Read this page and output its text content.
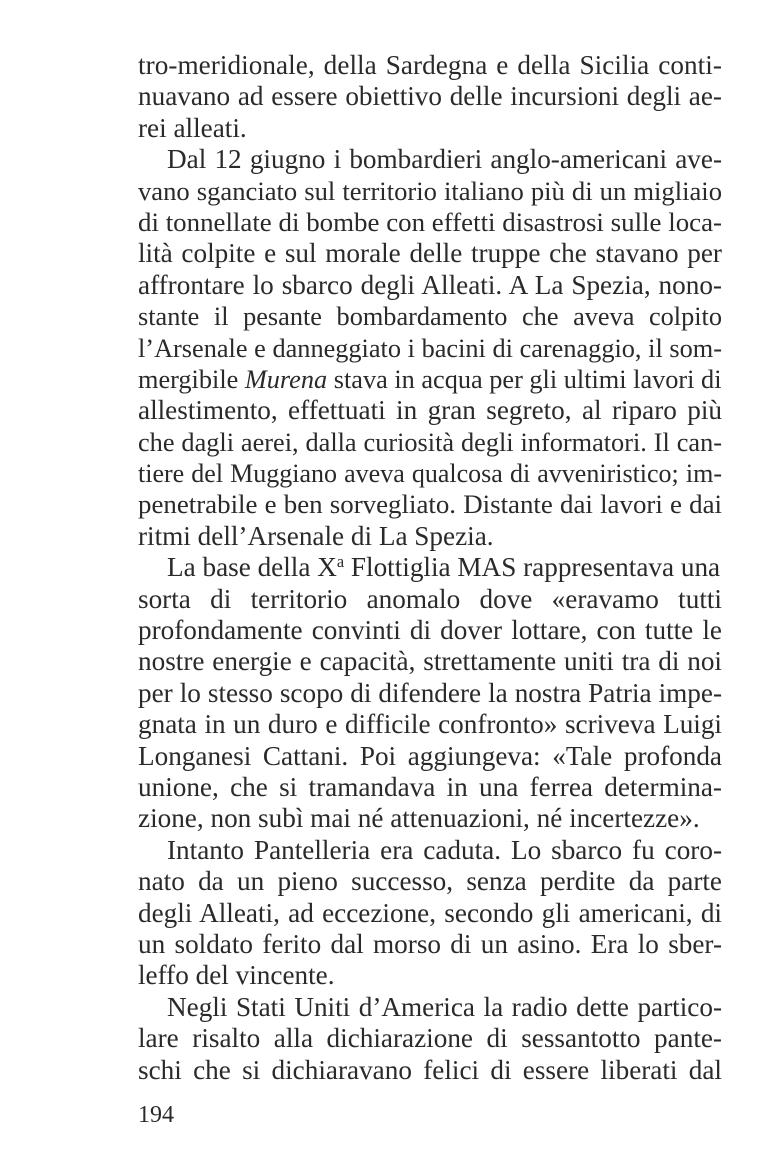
tro-meridionale, della Sardegna e della Sicilia conti-
nuavano ad essere obiettivo delle incursioni degli ae-
rei alleati.
Dal 12 giugno i bombardieri anglo-americani ave-
vano sganciato sul territorio italiano più di un migliaio
di tonnellate di bombe con effetti disastrosi sulle loca-
lità colpite e sul morale delle truppe che stavano per
affrontare lo sbarco degli Alleati. A La Spezia, nono-
stante il pesante bombardamento che aveva colpito
l’Arsenale e danneggiato i bacini di carenaggio, il som-
mergibile Murena stava in acqua per gli ultimi lavori di
allestimento, effettuati in gran segreto, al riparo più
che dagli aerei, dalla curiosità degli informatori. Il can-
tiere del Muggiano aveva qualcosa di avveniristico; im-
penetrabile e ben sorvegliato. Distante dai lavori e dai
ritmi dell’Arsenale di La Spezia.
La base della $X^a$ Flottiglia MAS rappresentava una
sorta di territorio anomalo dove «eravamo tutti
profondamente convinti di dover lottare, con tutte le
nostre energie e capacità, strettamente uniti tra di noi
per lo stesso scopo di difendere la nostra Patria impe-
gnata in un duro e difficile confronto» scriveva Luigi
Longanesi Cattani. Poi aggiungeva: «Tale profonda
unione, che si tramandava in una ferrea determina-
zione, non subì mai né attenuazioni, né incertezze».
Intanto Pantelleria era caduta. Lo sbarco fu coro-
nato da un pieno successo, senza perdite da parte
degli Alleati, ad eccezione, secondo gli americani, di
un soldato ferito dal morso di un asino. Era lo sber-
leffo del vincente.
Negli Stati Uniti d’America la radio dette partico-
lare risalto alla dichiarazione di sessantotto pante-
schi che si dichiaravano felici di essere liberati dal
194
